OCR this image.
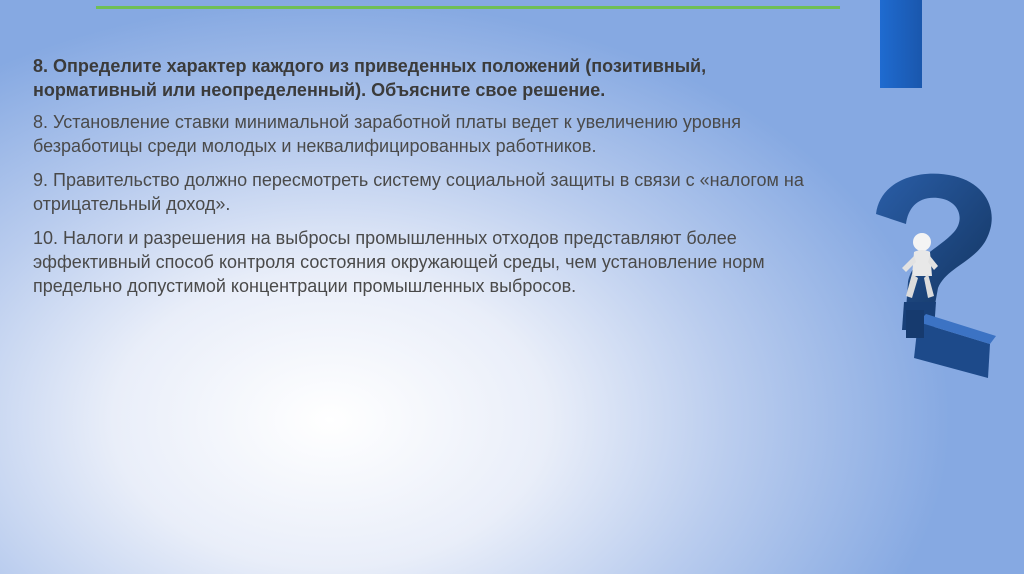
8. Определите характер каждого из приведенных положений (позитивный, нормативный или неопределенный). Объясните свое решение.

8. Установление ставки минимальной заработной платы ведет к увеличению уровня безработицы среди молодых и неквалифицированных работников.

9. Правительство должно пересмотреть систему социальной защиты в связи с «налогом на отрицательный доход».

10. Налоги и разрешения на выбросы промышленных отходов представляют более эффективный способ контроля состояния окружающей среды, чем установление норм предельно допустимой концентрации промышленных выбросов.
